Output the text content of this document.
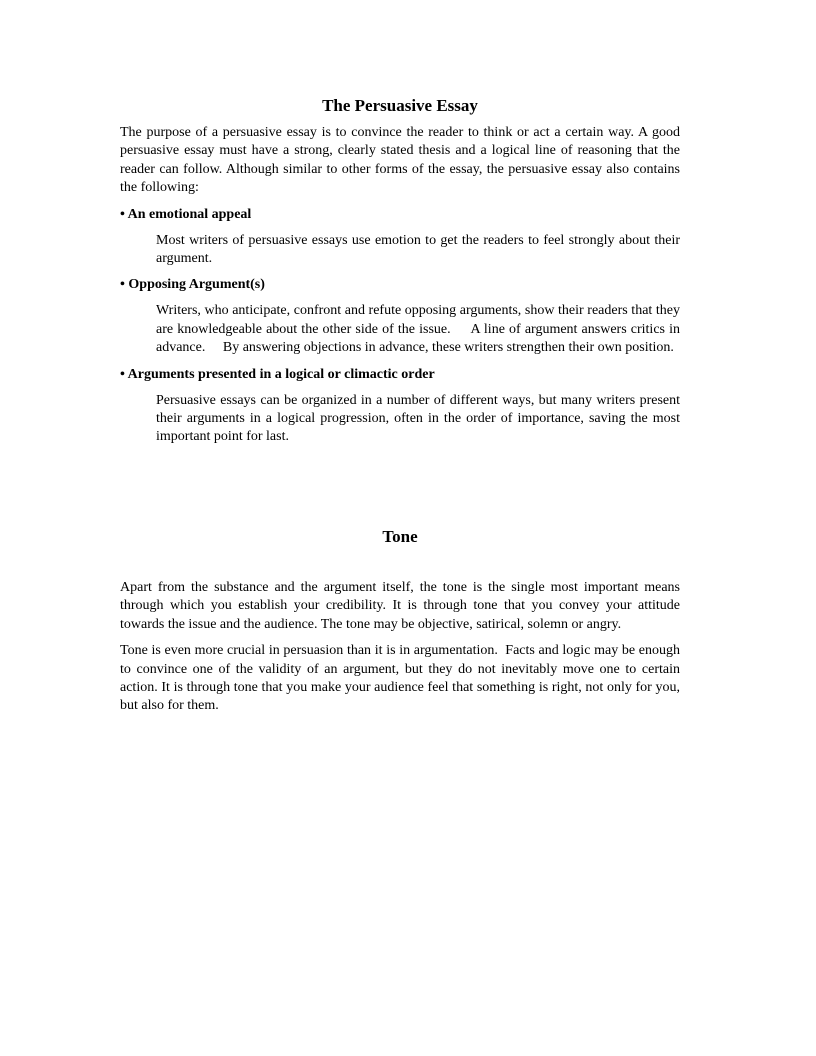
The Persuasive Essay

The purpose of a persuasive essay is to convince the reader to think or act a certain way. A good persuasive essay must have a strong, clearly stated thesis and a logical line of reasoning that the reader can follow. Although similar to other forms of the essay, the persuasive essay also contains the following:

• An emotional appeal

Most writers of persuasive essays use emotion to get the readers to feel strongly about their argument.

• Opposing Argument(s)

Writers, who anticipate, confront and refute opposing arguments, show their readers that they are knowledgeable about the other side of the issue.     A line of argument answers critics in advance.     By answering objections in advance, these writers strengthen their own position.

• Arguments presented in a logical or climactic order

Persuasive essays can be organized in a number of different ways, but many writers present their arguments in a logical progression, often in the order of importance, saving the most important point for last.

Tone

Apart from the substance and the argument itself, the tone is the single most important means through which you establish your credibility. It is through tone that you convey your attitude towards the issue and the audience. The tone may be objective, satirical, solemn or angry.

Tone is even more crucial in persuasion than it is in argumentation.  Facts and logic may be enough to convince one of the validity of an argument, but they do not inevitably move one to certain action. It is through tone that you make your audience feel that something is right, not only for you, but also for them.
